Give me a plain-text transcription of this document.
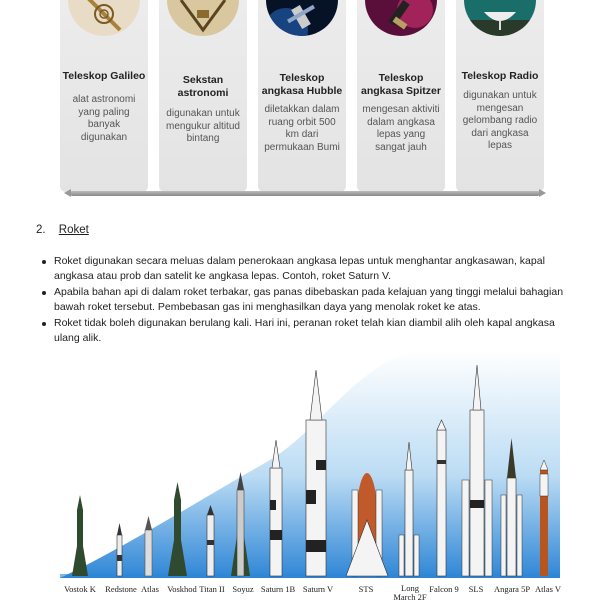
Teleskop Galileo
alat astronomi yang paling banyak digunakan
Sekstan astronomi
digunakan untuk mengukur altitud bintang
Teleskop angkasa Hubble
diletakkan dalam ruang orbit 500 km dari permukaan Bumi
Teleskop angkasa Spitzer
mengesan aktiviti dalam angkasa lepas yang sangat jauh
Teleskop Radio
digunakan untuk mengesan gelombang radio dari angkasa lepas
2. Roket
Roket digunakan secara meluas dalam penerokaan angkasa lepas untuk menghantar angkasawan, kapal angkasa atau prob dan satelit ke angkasa lepas. Contoh, roket Saturn V.
Apabila bahan api di dalam roket terbakar, gas panas dibebaskan pada kelajuan yang tinggi melalui bahagian bawah roket tersebut. Pembebasan gas ini menghasilkan daya yang menolak roket ke atas.
Roket tidak boleh digunakan berulang kali. Hari ini, peranan roket telah kian diambil alih oleh kapal angkasa ulang alik.
Vostok K Redstone Atlas Voskhod Titan II Soyuz Saturn 1B Saturn V	STS	Long March 2F
Falcon 9 SLS Angara 5P Atlas V
